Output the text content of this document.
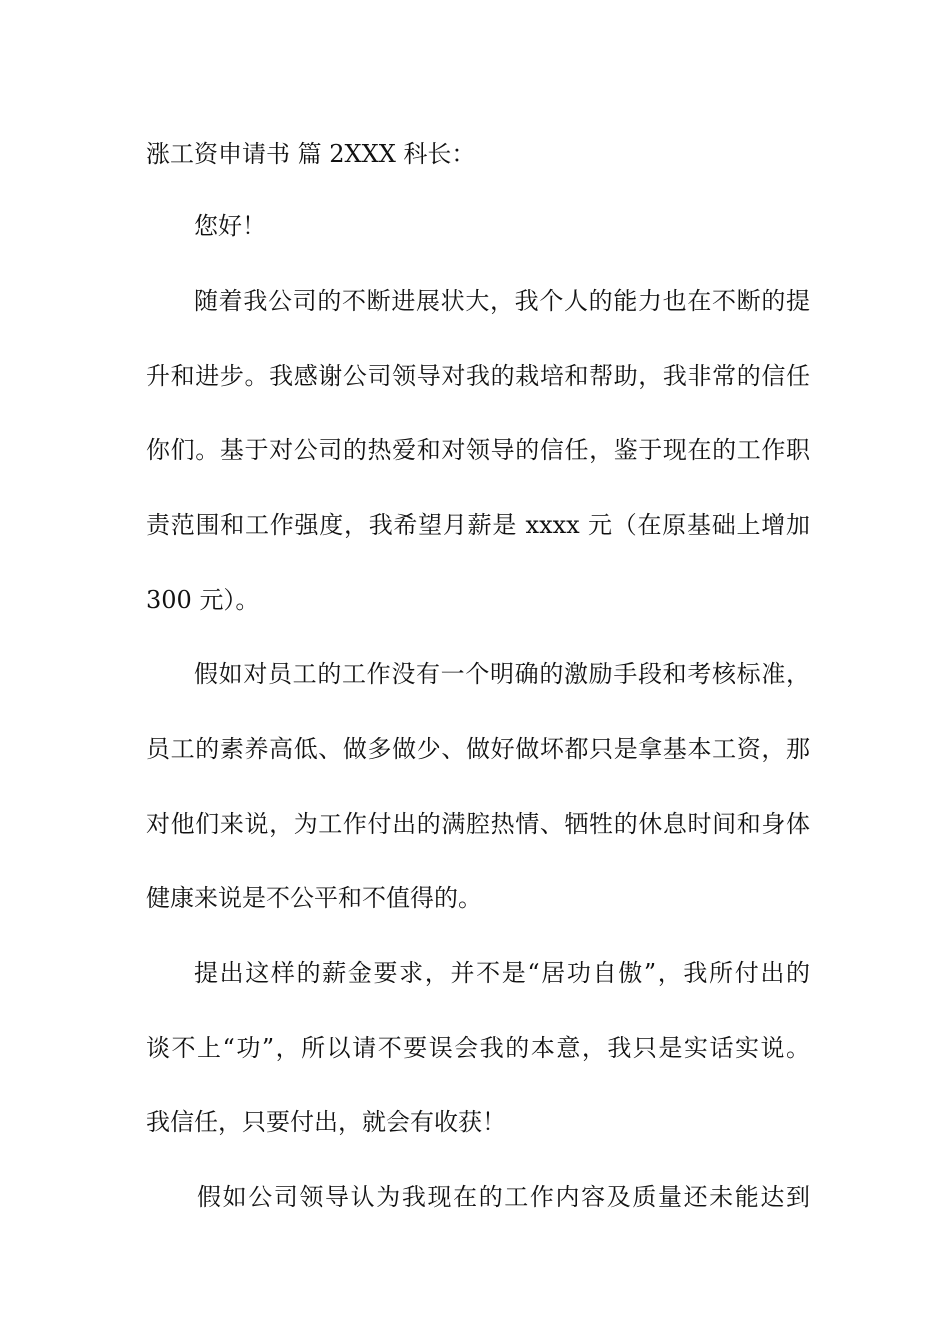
涨工资申请书 篇 2XXX 科长：
您好！
随着我公司的不断进展状大，我个人的能力也在不断的提
升和进步。我感谢公司领导对我的栽培和帮助，我非常的信任
你们。基于对公司的热爱和对领导的信任，鉴于现在的工作职
责范围和工作强度，我希望月薪是 xxxx 元（在原基础上增加
300 元）。
假如对员工的工作没有一个明确的激励手段和考核标准，
员工的素养高低、做多做少、做好做坏都只是拿基本工资，那
对他们来说，为工作付出的满腔热情、牺牲的休息时间和身体
健康来说是不公平和不值得的。
提出这样的薪金要求，并不是“居功自傲”，我所付出的
谈不上“功”，所以请不要误会我的本意，我只是实话实说。
我信任，只要付出，就会有收获！
假如公司领导认为我现在的工作内容及质量还未能达到
